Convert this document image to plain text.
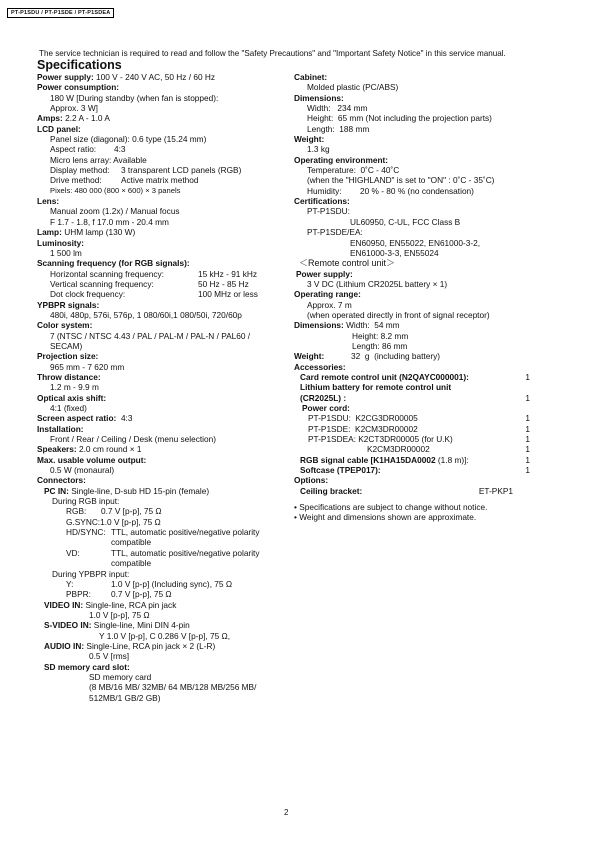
PT-P1SDU / PT-P1SDE / PT-P1SDEA
The service technician is required to read and follow the "Safety Precautions" and "Important Safety Notice" in this service manual.
Specifications
Power supply: 100 V - 240 V AC, 50 Hz / 60 Hz
Power consumption:
180 W [During standby (when fan is stopped):
Approx. 3 W]
Amps: 2.2 A - 1.0 A
LCD panel:
Panel size (diagonal): 0.6 type (15.24 mm)
Aspect ratio: 4:3
Micro lens array: Available
Display method: 3 transparent LCD panels (RGB)
Drive method: Active matrix method
Pixels: 480 000 (800 × 600) × 3 panels
Lens:
Manual zoom (1.2x) / Manual focus
F 1.7 - 1.8, f 17.0 mm - 20.4 mm
Lamp: UHM lamp (130 W)
Luminosity:
1 500 lm
Scanning frequency (for RGB signals):
Horizontal scanning frequency:	15 kHz - 91 kHz
Vertical scanning frequency:	50 Hz - 85 Hz
Dot clock frequency:	100 MHz or less
YPBPR signals:
480i, 480p, 576i, 576p, 1 080/60i,1 080/50i, 720/60p
Color system:
7 (NTSC / NTSC 4.43 / PAL / PAL-M / PAL-N / PAL60 /
SECAM)
Projection size:
965 mm - 7 620 mm
Throw distance:
1.2 m - 9.9 m
Optical axis shift:
4:1 (fixed)
Screen aspect ratio:  4:3
Installation:
Front / Rear / Ceiling / Desk (menu selection)
Speakers: 2.0 cm round × 1
Max. usable volume output:
0.5 W (monaural)
Connectors:
PC IN: Single-line, D-sub HD 15-pin (female)
During RGB input:
RGB: 0.7 V [p-p], 75 Ω
G.SYNC:1.0 V [p-p], 75 Ω
HD/SYNC: TTL, automatic positive/negative polarity
compatible
VD:	TTL, automatic positive/negative polarity
compatible
During YPBPR input:
Y:	1.0 V [p-p] (Including sync), 75 Ω
PBPR: 0.7 V [p-p], 75 Ω
VIDEO IN: Single-line, RCA pin jack
1.0 V [p-p], 75 Ω
S-VIDEO IN: Single-line, Mini DIN 4-pin
Y 1.0 V [p-p], C 0.286 V [p-p], 75 Ω,
AUDIO IN: Single-Line, RCA pin jack × 2 (L-R)
0.5 V [rms]
SD memory card slot:
SD memory card
(8 MB/16 MB/ 32MB/ 64 MB/128 MB/256 MB/
512MB/1 GB/2 GB)
Cabinet:
Molded plastic (PC/ABS)
Dimensions:
Width:   234 mm
Height:  65 mm (Not including the projection parts)
Length:  188 mm
Weight:
1.3 kg
Operating environment:
Temperature:  0˚C - 40˚C
(when the "HIGHLAND" is set to "ON" : 0˚C - 35˚C)
Humidity:        20 % - 80 % (no condensation)
Certifications:
PT-P1SDU:
UL60950, C-UL, FCC Class B
PT-P1SDE/EA:
EN60950, EN55022, EN61000-3-2,
EN61000-3-3, EN55024
＜Remote control unit＞
Power supply:
3 V DC (Lithium CR2025L battery × 1)
Operating range:
Approx. 7 m
(when operated directly in front of signal receptor)
Dimensions: Width:  54 mm
Height: 8.2 mm
Length: 86 mm
Weight:	32  g  (including battery)
Accessories:
Card remote control unit (N2QAYC000001):	1
Lithium battery for remote control unit
(CR2025L) :	1
Power cord:
PT-P1SDU:  K2CG3DR00005	1
PT-P1SDE:  K2CM3DR00002	1
PT-P1SDEA: K2CT3DR00005 (for U.K)	1
K2CM3DR00002	1
RGB signal cable [K1HA15DA0002 (1.8 m)]:	1
Softcase (TPEP017):	1
Options:
Ceiling bracket:	ET-PKP1
• Specifications are subject to change without notice.
• Weight and dimensions shown are approximate.
2
